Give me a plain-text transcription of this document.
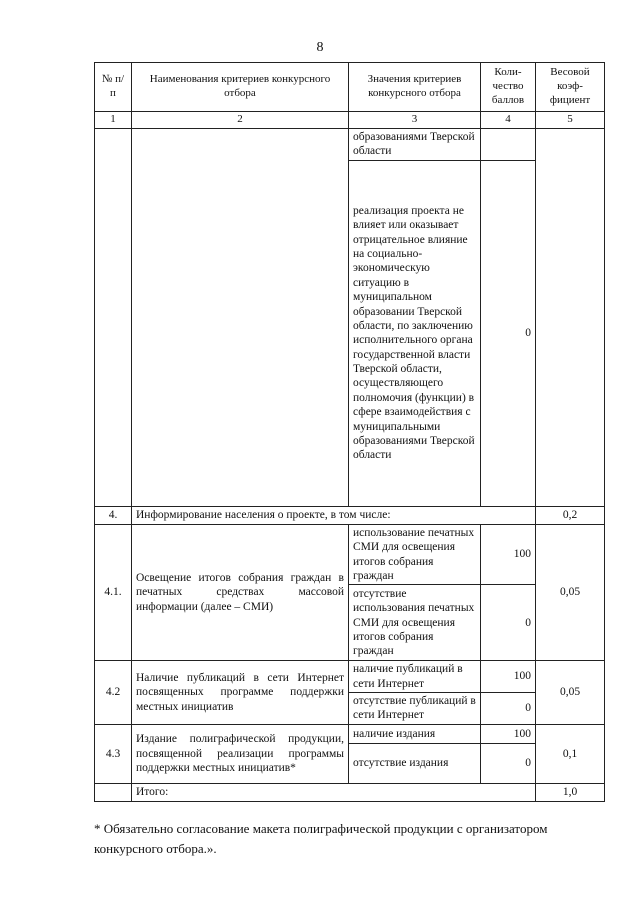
8
№ п/п	Наименования критериев конкурсного отбора	Значения критериев конкурсного отбора	Коли-чество баллов	Весовой коэф-фициент
1	2	3	4	5
		образованиями Тверской области		
		реализация проекта не влияет или оказывает отрицательное влияние на социально-экономическую ситуацию в муниципальном образовании Тверской области, по заключению исполнительного органа государственной власти Тверской области, осуществляющего полномочия (функции) в сфере взаимодействия с муниципальными образованиями Тверской области	0	
4.	Информирование населения о проекте, в том числе:			0,2
4.1.	Освещение итогов собрания граждан в печатных средствах массовой информации (далее – СМИ)	использование печатных СМИ для освещения итогов собрания граждан	100	0,05
		отсутствие использования печатных СМИ для освещения итогов собрания граждан	0	
4.2	Наличие публикаций в сети Интернет посвященных программе поддержки местных инициатив	наличие публикаций в сети Интернет	100	0,05
		отсутствие публикаций в сети Интернет	0	
4.3	Издание полиграфической продукции, посвященной реализации программы поддержки местных инициатив*	наличие издания	100	0,1
		отсутствие издания	0	
	Итого:			1,0
* Обязательно согласование макета полиграфической продукции с организатором конкурсного отбора.».
